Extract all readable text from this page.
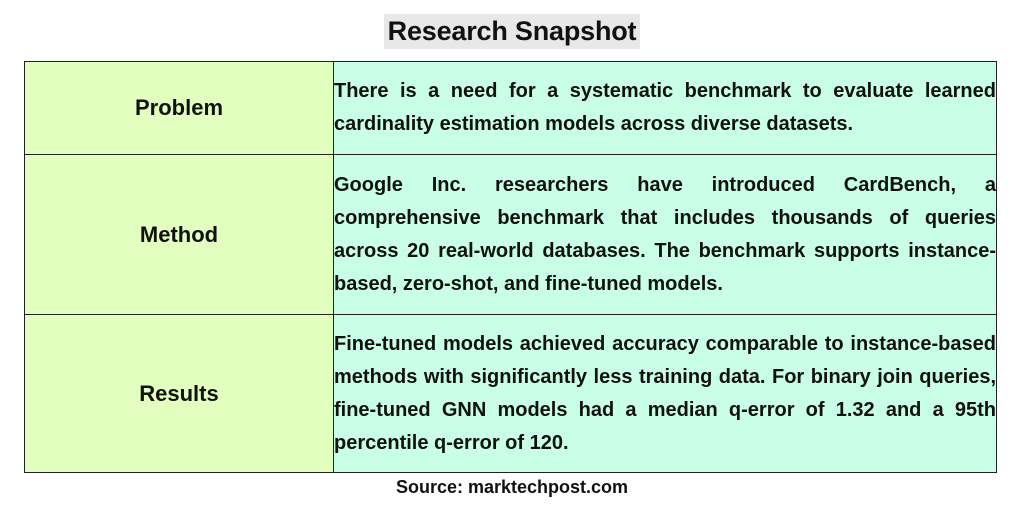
Research Snapshot
Problem	There is a need for a systematic benchmark to evaluate learned cardinality estimation models across diverse datasets.
Method	Google Inc. researchers have introduced CardBench, a comprehensive benchmark that includes thousands of queries across 20 real-world databases. The benchmark supports instance-based, zero-shot, and fine-tuned models.
Results	Fine-tuned models achieved accuracy comparable to instance-based methods with significantly less training data. For binary join queries, fine-tuned GNN models had a median q-error of 1.32 and a 95th percentile q-error of 120.
Source: marktechpost.com
